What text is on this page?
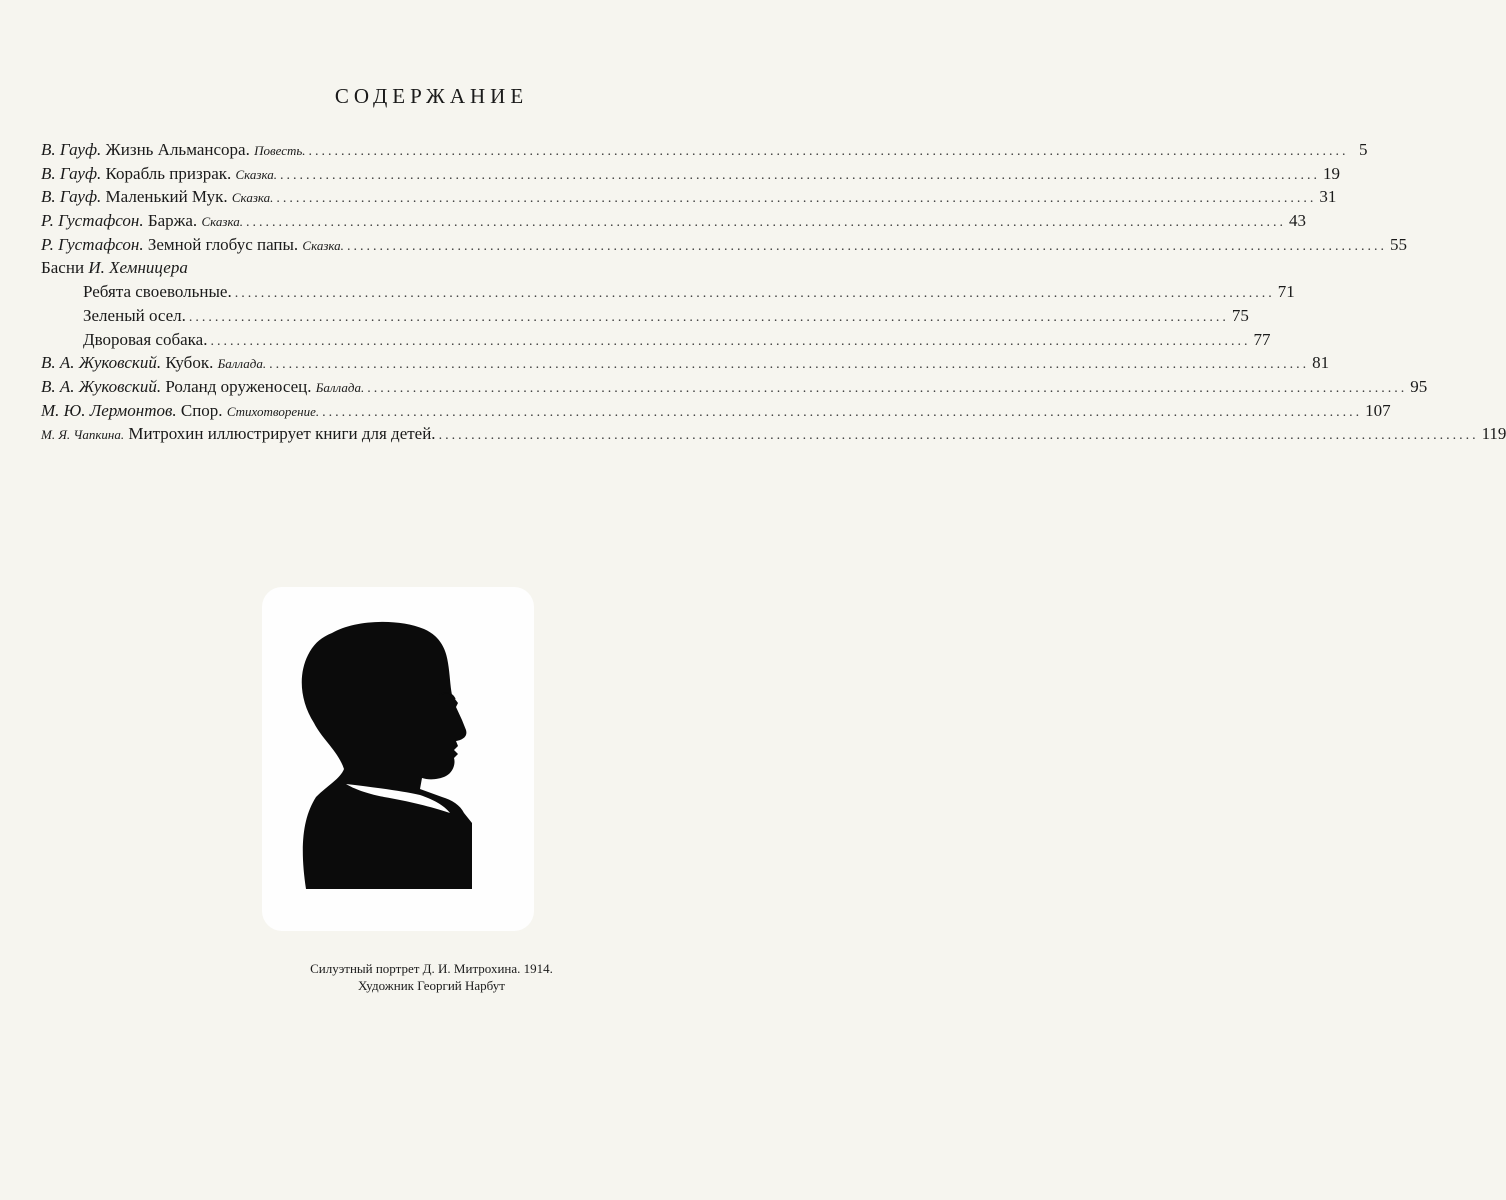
СОДЕРЖАНИЕ
В. Гауф.
Жизнь Альмансора.
Повесть. ................................................................................................................................................................ 5
В. Гауф.
Корабль призрак.
Сказка. ................................................................................................................................................................ 19
В. Гауф.
Маленький Мук.
Сказка. ................................................................................................................................................................ 31
Р. Густафсон.
Баржа.
Сказка. ................................................................................................................................................................ 43
Р. Густафсон.
Земной глобус папы.
Сказка. ................................................................................................................................................................ 55
Басни
И. Хемницера
Ребята своевольные. ................................................................................................................................................................ 71
Зеленый осел. ................................................................................................................................................................ 75
Дворовая собака. ................................................................................................................................................................ 77
В. А. Жуковский.
Кубок.
Баллада. ................................................................................................................................................................ 81
В. А. Жуковский.
Роланд оруженосец.
Баллада. ................................................................................................................................................................ 95
М. Ю. Лермонтов.
Спор.
Стихотворение. ................................................................................................................................................................ 107
М. Я. Чапкина.
Митрохин иллюстрирует книги для детей. ................................................................................................................................................................ 119
Силуэтный портрет Д. И. Митрохина. 1914.
Художник Георгий Нарбут
